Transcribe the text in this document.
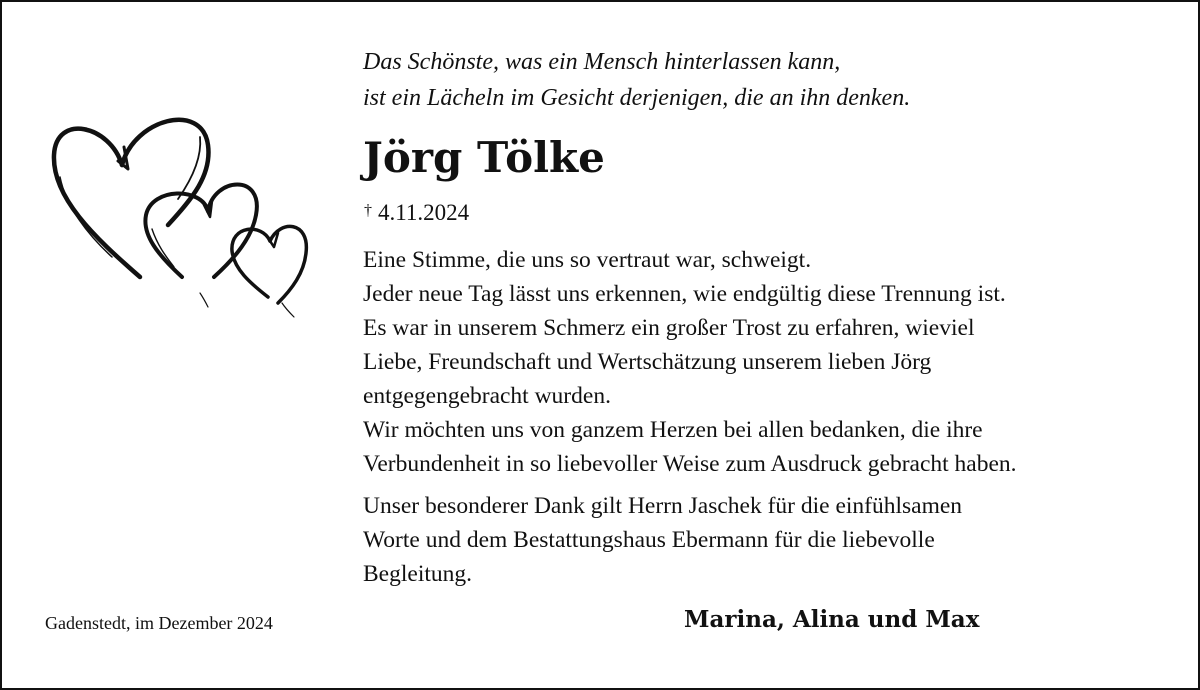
Das Schönste, was ein Mensch hinterlassen kann,
ist ein Lächeln im Gesicht derjenigen, die an ihn denken.
Jörg Tölke
† 4.11.2024
Eine Stimme, die uns so vertraut war, schweigt.
Jeder neue Tag lässt uns erkennen, wie endgültig diese Trennung ist.
Es war in unserem Schmerz ein großer Trost zu erfahren, wieviel
Liebe, Freundschaft und Wertschätzung unserem lieben Jörg
entgegengebracht wurden.
Wir möchten uns von ganzem Herzen bei allen bedanken, die ihre
Verbundenheit in so liebevoller Weise zum Ausdruck gebracht haben.
Unser besonderer Dank gilt Herrn Jaschek für die einfühlsamen
Worte und dem Bestattungshaus Ebermann für die liebevolle
Begleitung.
Gadenstedt, im Dezember 2024	Marina, Alina und Max
